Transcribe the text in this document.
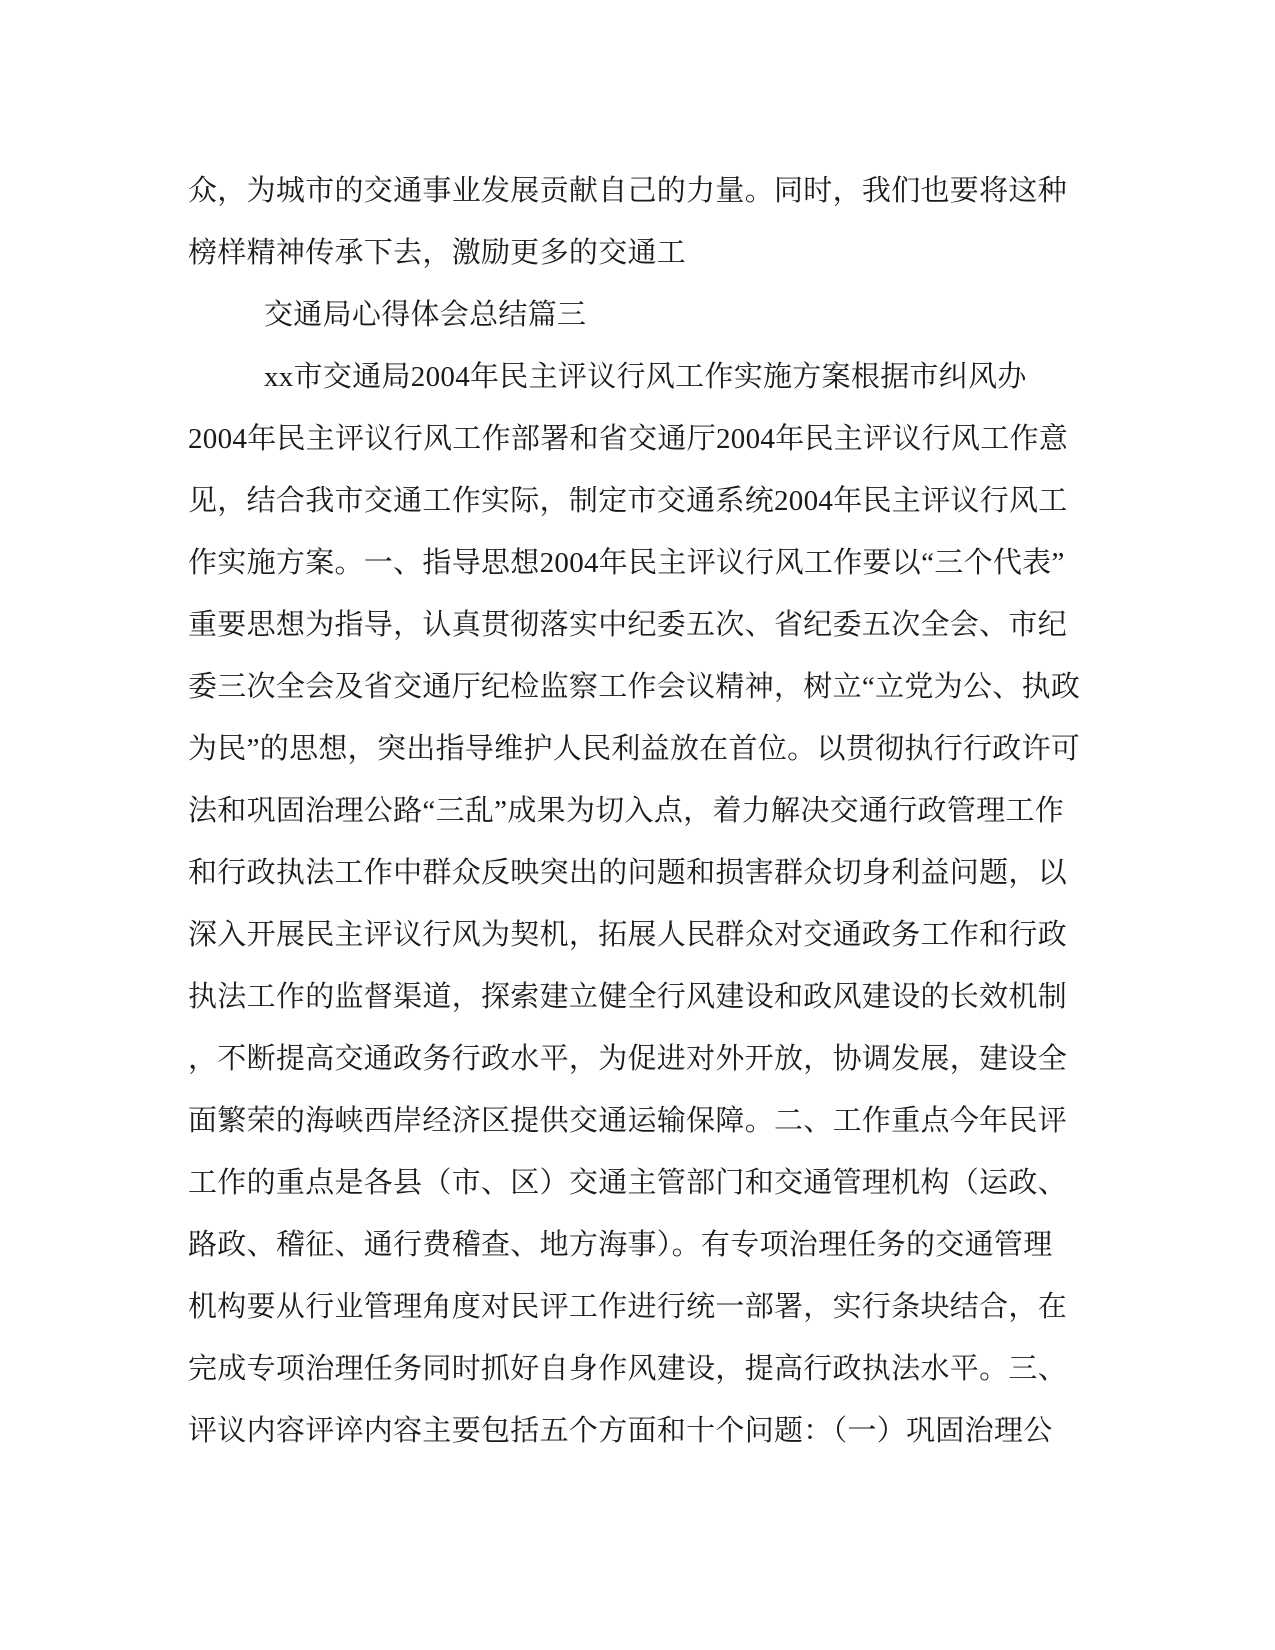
众，为城市的交通事业发展贡献自己的力量。同时，我们也要将这种
榜样精神传承下去，激励更多的交通工
交通局心得体会总结篇三
xx市交通局2004年民主评议行风工作实施方案根据市纠风办
2004年民主评议行风工作部署和省交通厅2004年民主评议行风工作意
见，结合我市交通工作实际，制定市交通系统2004年民主评议行风工
作实施方案。一、指导思想2004年民主评议行风工作要以“三个代表”
重要思想为指导，认真贯彻落实中纪委五次、省纪委五次全会、市纪
委三次全会及省交通厅纪检监察工作会议精神，树立“立党为公、执政
为民”的思想，突出指导维护人民利益放在首位。以贯彻执行行政许可
法和巩固治理公路“三乱”成果为切入点，着力解决交通行政管理工作
和行政执法工作中群众反映突出的问题和损害群众切身利益问题，以
深入开展民主评议行风为契机，拓展人民群众对交通政务工作和行政
执法工作的监督渠道，探索建立健全行风建设和政风建设的长效机制
，不断提高交通政务行政水平，为促进对外开放，协调发展，建设全
面繁荣的海峡西岸经济区提供交通运输保障。二、工作重点今年民评
工作的重点是各县（市、区）交通主管部门和交通管理机构（运政、
路政、稽征、通行费稽查、地方海事）。有专项治理任务的交通管理
机构要从行业管理角度对民评工作进行统一部署，实行条块结合，在
完成专项治理任务同时抓好自身作风建设，提高行政执法水平。三、
评议内容评谇内容主要包括五个方面和十个问题：（一）巩固治理公
